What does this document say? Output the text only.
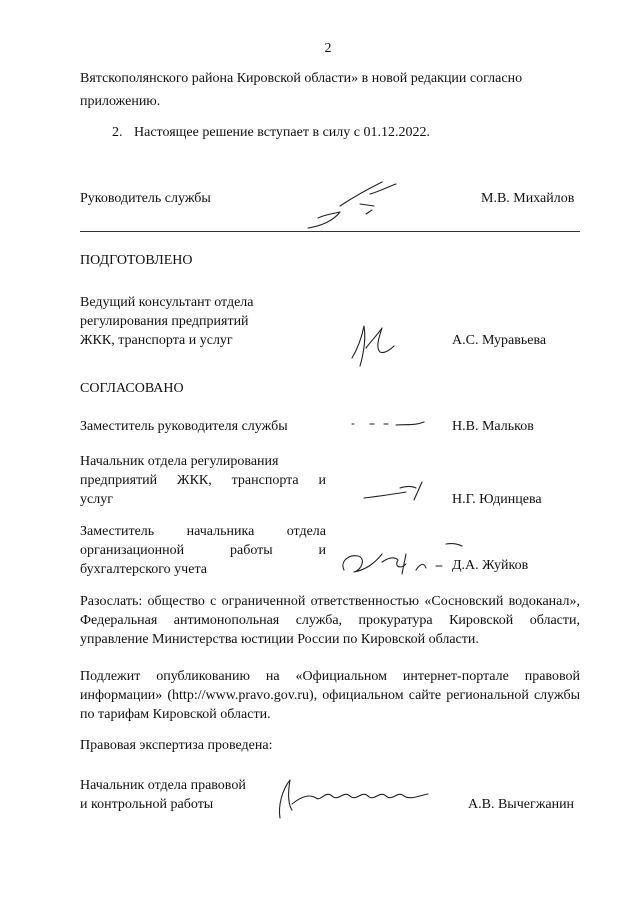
2
Вятскополянского района Кировской области» в новой редакции согласно
приложению.
2. Настоящее решение вступает в силу с 01.12.2022.
Руководитель службы	М.В. Михайлов
ПОДГОТОВЛЕНО
Ведущий консультант отдела
регулирования предприятий
ЖКК, транспорта и услуг	А.С. Муравьева
СОГЛАСОВАНО
Заместитель руководителя службы	Н.В. Мальков
Начальник отдела регулирования
предприятий ЖКК, транспорта и
услуг	Н.Г. Юдинцева
Заместитель начальника отдела
организационной работы и
бухгалтерского учета	Д.А. Жуйков
Разослать: общество с ограниченной ответственностью «Сосновский водоканал», Федеральная антимонопольная служба, прокуратура Кировской области, управление Министерства юстиции России по Кировской области.
Подлежит опубликованию на «Официальном интернет-портале правовой информации» (http://www.pravo.gov.ru), официальном сайте региональной службы по тарифам Кировской области.
Правовая экспертиза проведена:
Начальник отдела правовой
и контрольной работы	А.В. Вычегжанин
